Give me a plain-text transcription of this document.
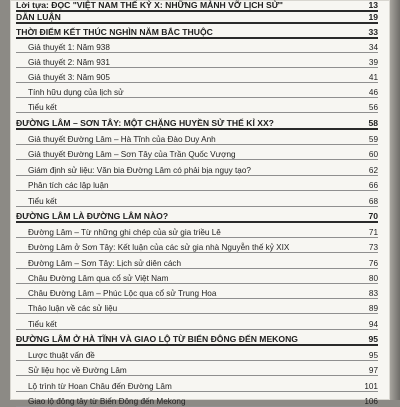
Lời tựa: ĐỌC "VIỆT NAM THẾ KỶ X: NHỮNG MẢNH VỠ LỊCH SỬ"	13
DẪN LUẬN	19
THỜI ĐIỂM KẾT THÚC NGHÌN NĂM BẮC THUỘC	33
Giả thuyết 1: Năm 938	34
Giả thuyết 2: Năm 931	39
Giả thuyết 3: Năm 905	41
Tính hữu dụng của lịch sử	46
Tiểu kết	56
ĐƯỜNG LÂM – SƠN TÂY: MỘT CHẶNG HUYỀN SỬ THẾ KỈ XX?	58
Giả thuyết Đường Lâm – Hà Tĩnh của Đào Duy Anh	59
Giả thuyết Đường Lâm – Sơn Tây của Trần Quốc Vượng	60
Giám định sử liệu: Văn bia Đường Lâm có phải bịa ngụy tạo?	62
Phân tích các lập luận	66
Tiểu kết	68
ĐƯỜNG LÂM LÀ ĐƯỜNG LÂM NÀO?	70
Đường Lâm – Từ những ghi chép của sử gia triều Lê	71
Đường Lâm ở Sơn Tây: Kết luận của các sử gia nhà Nguyễn thế kỷ XIX	73
Đường Lâm – Sơn Tây: Lịch sử diên cách	76
Châu Đường Lâm qua cổ sử Việt Nam	80
Châu Đường Lâm – Phúc Lộc qua cổ sử Trung Hoa	83
Thảo luận về các sử liệu	89
Tiểu kết	94
ĐƯỜNG LÂM Ở HÀ TĨNH VÀ GIAO LỘ TỪ BIỂN ĐÔNG ĐẾN MEKONG	95
Lược thuật vấn đề	95
Sử liệu học về Đường Lâm	97
Lộ trình từ Hoan Châu đến Đường Lâm	101
Giao lộ đông tây từ Biển Đông đến Mekong	106
